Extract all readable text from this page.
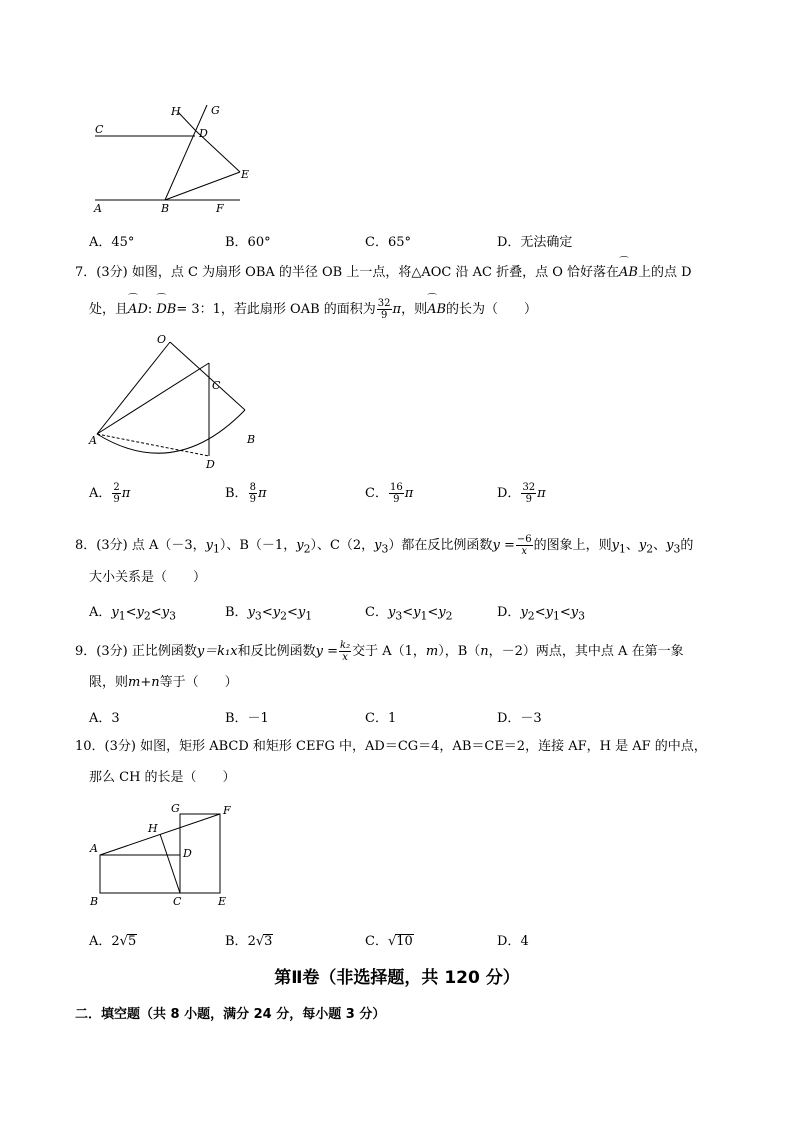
H	G
C	D
E
A	B	F
A．45°	B．60°	C．65°	D．无法确定
7．(3分) 如图，点 C 为扇形 OBA 的半径 OB 上一点，将△AOC 沿 AC 折叠，点 O 恰好落在⌒ AB上的点 D
处，且⌒ AD: ⌒ DB= 3：1，若此扇形 OAB 的面积为 $\frac{32}{9}$ π，则⌒ AB的长为（　　）
O
C
A	B
D
A． $\frac{2}{9}$ π	B． $\frac{8}{9}$ π	C． $\frac{16}{9}$ π	D． $\frac{32}{9}$ π
8．(3分) 点 A（－3，$y_1$）、B（－1，$y_2$）、C（2，$y_3$）都在反比例函数$y = \frac{-6}{x}$ 的图象上，则$y_1$、$y_2$、$y_3$的
大小关系是（　　）
A．$y_1<y_2<y_3$	B．$y_3<y_2<y_1$	C．$y_3<y_1<y_2$	D．$y_2<y_1<y_3$
9．(3分) 正比例函数y＝k₁x和反比例函数$y = \frac{\text{k₂}}{x}$ 交于 A（1，m），B（n，－2）两点，其中点 A 在第一象
限，则m+n等于（　　）
A．3	B．－1	C．1	D．－3
10．(3分) 如图，矩形 ABCD 和矩形 CEFG 中，AD＝CG＝4，AB＝CE＝2，连接 AF，H 是 AF 的中点，
那么 CH 的长是（　　）
G	F
H
A	D
B	C	E
A．2√5	B．2√3	C．√10	D．4
第Ⅱ卷（非选择题，共 120 分）
二．填空题（共 8 小题，满分 24 分，每小题 3 分）
